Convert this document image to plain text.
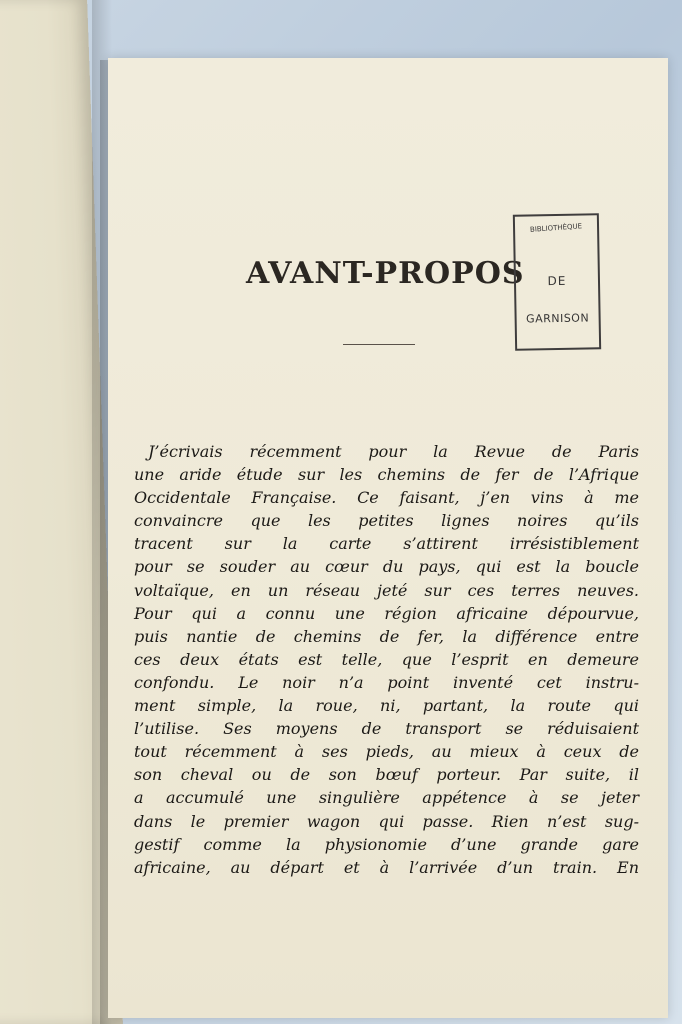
AVANT-PROPOS
BIBLIOTHÈQUE
DE
GARNISON
J’écrivais récemment pour la Revue de Paris
une aride étude sur les chemins de fer de l’Afrique
Occidentale Française. Ce faisant, j’en vins à me
convaincre que les petites lignes noires qu’ils
tracent sur la carte s’attirent irrésistiblement
pour se souder au cœur du pays, qui est la boucle
voltaïque, en un réseau jeté sur ces terres neuves.
Pour qui a connu une région africaine dépourvue,
puis nantie de chemins de fer, la différence entre
ces deux états est telle, que l’esprit en demeure
confondu. Le noir n’a point inventé cet instru-
ment simple, la roue, ni, partant, la route qui
l’utilise. Ses moyens de transport se réduisaient
tout récemment à ses pieds, au mieux à ceux de
son cheval ou de son bœuf porteur. Par suite, il
a accumulé une singulière appétence à se jeter
dans le premier wagon qui passe. Rien n’est sug-
gestif comme la physionomie d’une grande gare
africaine, au départ et à l’arrivée d’un train. En
